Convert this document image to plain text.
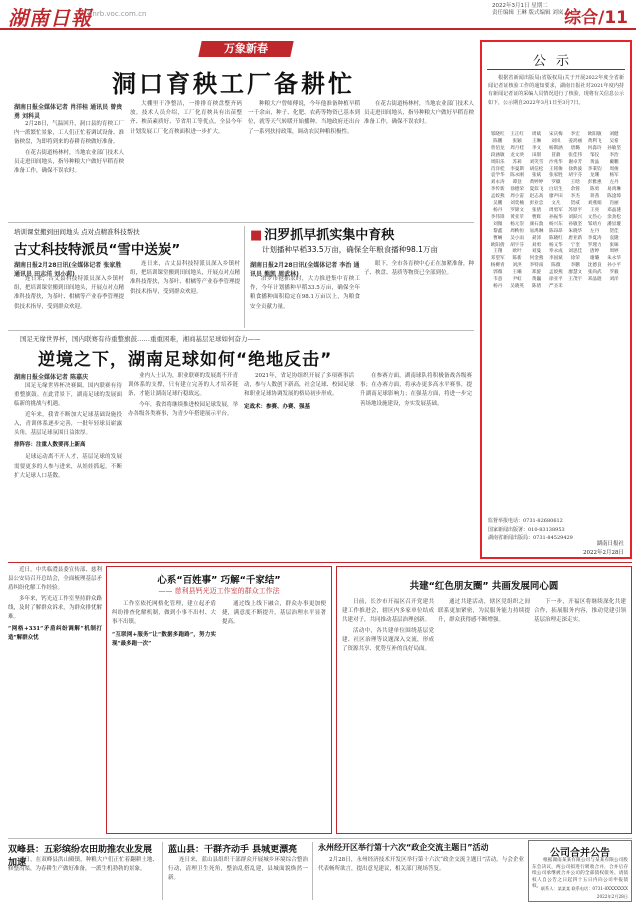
湖南日報
hnrb.voc.com.cn
2022年3月1日 星期二
责任编辑 王琳 版式编辑 刘岚 综合/11
万象新春
洞口育秧工厂备耕忙
湖南日报全媒体记者 肖洋桂 通讯员 曾贵勇 刘科灵

2月28日，气温回升，洞口县的育秧工厂内一派繁忙景象，工人们正忙着调试设备、准备秧盘，为即将到来的春耕育秧做好准备。

在花古街道杨林村，当地农业部门技术人员走进田间地头，指导种粮大户做好早稻育秧准备工作，确保不误农时。

大棚里干净整洁，一排排育秧盘整齐码放。技术人员介绍，工厂化育秧具有出苗整齐、秧苗素质好、节省用工等优点，全县今年计划发展工厂化育秧面积进一步扩大。

种粮大户曾师傅说，今年他准备种植早稻一千余亩，种子、化肥、农药等物资已基本到位，就等天气转暖开始播种。当地政府还出台了一系列扶持政策，调动农民种粮积极性。

在花古街道杨林村，当地农业部门技术人员走进田间地头，指导种粮大户做好早稻育秧准备工作，确保不误农时。

培训课堂搬到田间地头 点对点精准科技帮扶
古丈科技特派员“雪中送炭”
湖南日报2月28日讯(全媒体记者 张家胜 通讯员 田志洋 刘小莉)

连日来，古丈县科技特派员深入乡镇村组，把培训课堂搬到田间地头，开展点对点精准科技帮扶，为茶叶、柑橘等产业春季管理提供技术指导，受到群众欢迎。

连日来，古丈县科技特派员深入乡镇村组，把培训课堂搬到田间地头，开展点对点精准科技帮扶，为茶叶、柑橘等产业春季管理提供技术指导，受到群众欢迎。

■ 汨罗抓早抓实集中育秧
计划播种早稻33.5万亩，确保全年粮食播种98.1万亩
湖南日报2月28日讯(全媒体记者 李治 通讯员 熊凯 周武林)

汨罗市抢抓农时，大力推进集中育秧工作，今年计划播种早稻33.5万亩，确保全年粮食播种面积稳定在98.1万亩以上，为粮食安全贡献力量。

眼下，全市各育秧中心正在加紧准备，种子、秧盘、基质等物资已全部到位。

国足无缘世界杯，国内联赛有待重整旗鼓……重重困难，湘商基层足球如何奋力——
逆境之下，湖南足球如何“绝地反击”
湖南日报全媒体记者 陈嘉庆

国足无缘世界杯决赛圈，国内联赛有待重整旗鼓。在此背景下，湖南足球的发展面临新的挑战与机遇。

近年来，我省不断加大足球基础设施投入，青训体系逐步完善，一批年轻球员崭露头角，基层足球氛围日益浓厚。

排阵容：注重人数要再上新高

足球运动离不开人才，基层足球的发展需要更多的人参与进来，从娃娃抓起，不断扩大足球人口基数。

业内人士认为，职业联赛的发展离不开青训体系的支撑，只有建立完善的人才培养链条，才能让湖南足球行稳致远。

今年，我省将继续推进校园足球发展，举办各级各类赛事，为青少年搭建展示平台。

2021年，省足协组织开展了多项赛事活动，参与人数创下新高，社会足球、校园足球和职业足球协调发展的格局初步形成。

定战术：参赛、办赛、强基

在参赛方面，湖南球队将积极备战各级赛事；在办赛方面，将承办更多高水平赛事，提升湖南足球影响力；在强基方面，将进一步完善场地设施建设，夯实发展基础。

公示
根据省新闻出版局(省版权局)关于开展2022年度全省新闻记者证核验工作的通知要求，湖南日报社对2021年度内持有新闻记者证的采编人员情况进行了核验，现将有关信息公示如下，公示期自2022年3月1日至3月7日。
邹晓红	王正红	周斌	宋庆梅	李宏	欧阳敏	刘健
陈鹏	张颖	王琳	刘岚	姜鸿丽	黄利飞	吴希
曾佰龙	周月桂	李文	杨斯涵	唐璐	何淼玲	孙敏坚
段涵敏	龙文泱	田甜	冒蕞	张佳伟	邹仪	李治
周阳乐	苏莉	刘笑雪	沙兆华	谢卓芳	黄晶	戴鹏
肖洋桂	李曼斯	胡信松	王铭俊	徐典波	李秉钧	周俊
袁学华	陈永刚	张斌	张家胜	胡宇芬	龙珊	杨军
刘永涛	谭登	黄婷婷	罗徽	王晗	彭雅惠	左丹
李传新	徐德荣	夏似飞	白培生	余蓉	陈勇	易禹琳
孟姣燕	周小雷	赵志高	廖声田	李杰	蒋茜	陈淦璋
吴鹏	刘奕楠	彭业忠	文凡	贺威	刘燕娟	肖丽
杨丹	罗锦文	张倩	周勇军	苏原平	王亮	邓晶琎
李伟锋	黄亚苹	曹辉	孙振华	刘跃兴	文热心	余劲松
刘微	杨元崇	颜石敦	杨兴东	孙敏坚	邹靖方	潘显璇
黎鑫	周帙恒	易禹琳	陈昂昂	朱晓华	左丹	贺佳
曹娴	吴小雨	聂沛	陈晓红	唐亚新	李夏涛	袁隆
欧阳倩	胡宇芬	刘勇	杨又华	宁奎	罗理力	张咪
王翔	欧叶	刘曼	奉永成	刘思佳	唐婷	周婷
邓望军	陈新	何金燕	李国斌	徐荣	谢璐	朱永华
杨柳青	刘洪	李特南	陈薇	李鹏	沈德良	孙小平
郭薇	王曦	郑旋	孟姣燕	廖慧文	张尚武	罗毅
韦意	尹虹	黄巍	徐亚平	王茂宇	邓晶琎	刘洋
杨丹	吴晓英	陈倩	严圣禾
监督举报电话：0731-82680612
国家新闻出版署：010-83138953
湖南省新闻出版局：0731-84529429
湖南日报社
2022年2月28日

近日，中共临澧县委宣传部、慈利县公安局召开总结会，全面梳理基层矛盾纠纷化解工作经验。

多年来，钙光迈工作室坚持群众路线，及时了解群众诉求，为群众排忧解难。

“网格+331”矛盾纠纷调解“机制打造”解群众忧

心系“百姓事” 巧解“千家结”
—— 慈利县钙光迈工作室的群众工作法

工作室依托网格化管理，建立起矛盾纠纷排查化解机制，做到小事不出村、大事不出镇。

“互联网+服务”让“数据多跑路”，努力实现“最多跑一次”

通过线上线下融合，群众办事更加便捷，满意度不断提升，基层治理水平显著提高。

共建“红色朋友圈” 共画发展同心圆

日前，长沙市开福区召开党建共建工作推进会，辖区内多家单位结成共建对子，共同推动基层治理创新。

活动中，各共建单位围绕基层党建、社区治理等议题深入交流，形成了资源共享、优势互补的良好局面。

通过共建活动，辖区党组织之间联系更加紧密，为民服务能力持续提升，群众获得感不断增强。

下一步，开福区将继续深化共建合作，拓展服务内容，推动党建引领基层治理走深走实。

双峰县：五彩缤纷农田助推农业发展加速

近日，在双峰县洪山殿镇，种粮大户们正忙着翻耕土地、修整沟渠，为春耕生产做好准备，一派生机勃勃的景象。

蓝山县：干群齐动手 县城更漂亮

连日来，蓝山县组织干部群众开展城乡环境综合整治行动，清理卫生死角，整治乱搭乱建，县城面貌焕然一新。

永州经开区举行第十六次“政企交流主题日”活动

2月28日，永州经济技术开发区举行第十六次“政企交流主题日”活动，与会企业代表畅所欲言，提出意见建议，相关部门现场答复。

公司合并公告

根据湖南某某有限公司与某某有限公司股东会决议，两公司拟进行吸收合并，合并后存续公司承继被合并公司的全部债权债务。请债权人自公告之日起四十五日内向公司申报债权。 联系人：某某某 联系电话：0731-8XXXXXXX
2022年2月28日
